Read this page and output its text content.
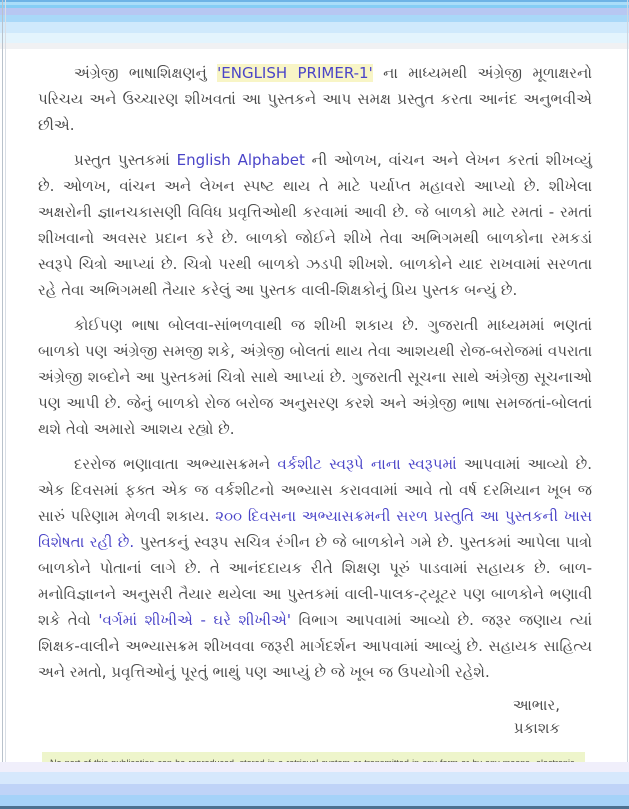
અંગ્રેજી ભાષાશિક્ષણનું 'ENGLISH PRIMER-1' ના માધ્યમથી અંગ્રેજી મૂળાક્ષરનો પરિચય અને ઉચ્ચારણ શીખવતાં આ પુસ્તકને આપ સમક્ષ પ્રસ્તુત કરતા આનંદ અનુભવીએ છીએ.

પ્રસ્તુત પુસ્તકમાં English Alphabet ની ઓળખ, વાંચન અને લેખન કરતાં શીખવ્યું છે. ઓળખ, વાંચન અને લેખન સ્પષ્ટ થાય તે માટે પર્યાપ્ત મહાવરો આપ્યો છે. શીખેલા અક્ષરોની જ્ઞાનચકાસણી વિવિધ પ્રવૃત્તિઓથી કરવામાં આવી છે. જે બાળકો માટે રમતાં - રમતાં શીખવાનો અવસર પ્રદાન કરે છે. બાળકો જોઈને શીખે તેવા અભિગમથી બાળકોના રમકડાં સ્વરૂપે ચિત્રો આપ્યાં છે. ચિત્રો પરથી બાળકો ઝડપી શીખશે. બાળકોને યાદ રાખવામાં સરળતા રહે તેવા અભિગમથી તૈયાર કરેલું આ પુસ્તક વાલી-શિક્ષકોનું પ્રિય પુસ્તક બન્યું છે.

કોઈપણ ભાષા બોલવા-સાંભળવાથી જ શીખી શકાય છે. ગુજરાતી માધ્યમમાં ભણતાં બાળકો પણ અંગ્રેજી સમજી શકે, અંગ્રેજી બોલતાં થાય તેવા આશયથી રોજ-બરોજમાં વપરાતા અંગ્રેજી શબ્દોને આ પુસ્તકમાં ચિત્રો સાથે આપ્યાં છે. ગુજરાતી સૂચના સાથે અંગ્રેજી સૂચનાઓ પણ આપી છે. જેનું બાળકો રોજ બરોજ અનુસરણ કરશે અને અંગ્રેજી ભાષા સમજતાં-બોલતાં થશે તેવો અમારો આશય રહ્યો છે.

દરરોજ ભણાવાતા અભ્યાસક્રમને વર્કશીટ સ્વરૂપે નાના સ્વરૂપમાં આપવામાં આવ્યો છે. એક દિવસમાં ફક્ત એક જ વર્કશીટનો અભ્યાસ કરાવવામાં આવે તો વર્ષ દરમિયાન ખૂબ જ સારું પરિણામ મેળવી શકાય. ૨૦૦ દિવસના અભ્યાસક્રમની સરળ પ્રસ્તુતિ આ પુસ્તકની ખાસ વિશેષતા રહી છે. પુસ્તકનું સ્વરૂપ સચિત્ર રંગીન છે જે બાળકોને ગમે છે. પુસ્તકમાં આપેલા પાત્રો બાળકોને પોતાનાં લાગે છે. તે આનંદદાયક રીતે શિક્ષણ પૂરું પાડવામાં સહાયક છે. બાળ-મનોવિજ્ઞાનને અનુસરી તૈયાર થયેલા આ પુસ્તકમાં વાલી-પાલક-ટ્યૂટર પણ બાળકોને ભણાવી શકે તેવો 'વર્ગમાં શીખીએ - ઘરે શીખીએ' વિભાગ આપવામાં આવ્યો છે. જરૂર જણાય ત્યાં શિક્ષક-વાલીને અભ્યાસક્રમ શીખવવા જરૂરી માર્ગદર્શન આપવામાં આવ્યું છે. સહાયક સાહિત્ય અને રમતો, પ્રવૃત્તિઓનું પૂરતું ભાથું પણ આપ્યું છે જે ખૂબ જ ઉપયોગી રહેશે.

આભાર,
પ્રકાશક
